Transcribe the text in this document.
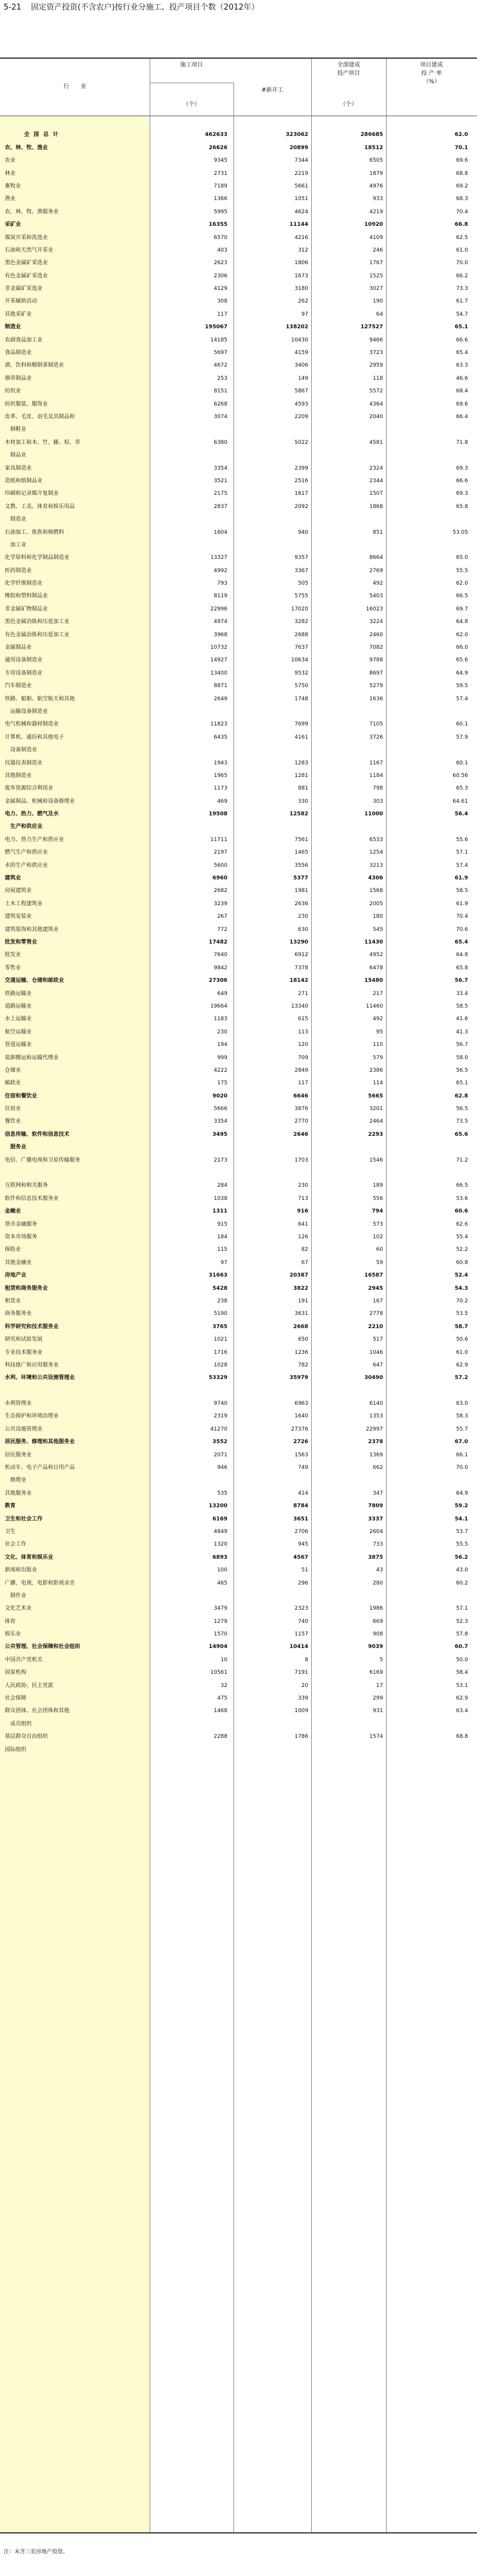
5-21 固定资产投资(不含农户)按行业分施工、投产项目个数（2012年）
行　　业
施工项目
（个）
#新开工
全部建成
投产项目
（个）
项目建成
投 产 率
（%）
全 国 总 计	462633	323062	286685	62.0
农、林、牧、渔业	26626	20899	18512	70.1
农业	9345	7344	6505	69.6
林业	2731	2219	1879	68.8
畜牧业	7189	5661	4976	69.2
渔业	1366	1051	933	68.3
农、林、牧、渔服务业	5995	4624	4219	70.4
采矿业	16355	11144	10920	66.8
煤炭开采和洗选业	6570	4216	4109	62.5
石油和天然气开采业	403	312	246	61.0
黑色金属矿采选业	2623	1806	1767	70.0
有色金属矿采选业	2306	1673	1525	66.2
非金属矿采选业	4129	3180	3027	73.3
开采辅助活动	308	262	190	61.7
其他采矿业	117	97	64	54.7
制造业	195067	138202	127527	65.1
农副食品加工业	14185	10430	9466	66.6
食品制造业	5697	4159	3723	65.4
酒、饮料和精制茶制造业	4672	3406	2959	63.3
烟草制品业	253	149	118	46.6
纺织业	8151	5867	5572	68.4
纺织服装、服饰业	6268	4593	4364	69.6
皮革、毛皮、羽毛及其制品和	3074	2209	2040	66.4
　制鞋业
木材加工和木、竹、藤、棕、草	6380	5022	4581	71.8
　制品业
家具制造业	3354	2399	2324	69.3
造纸和纸制品业	3521	2516	2344	66.6
印刷和记录媒介复制业	2175	1617	1507	69.3
文教、工美、体育和娱乐用品	2837	2092	1868	65.8
　制造业
石油加工、炼焦和核燃料	1604	940	851	53.05
　加工业
化学原料和化学制品制造业	13327	9357	8664	65.0
医药制造业	4992	3367	2769	55.5
化学纤维制造业	793	505	492	62.0
橡胶和塑料制品业	8119	5755	5403	66.5
非金属矿物制品业	22996	17020	16023	69.7
黑色金属冶炼和压延加工业	4974	3282	3224	64.8
有色金属冶炼和压延加工业	3968	2688	2460	62.0
金属制品业	10732	7637	7082	66.0
通用设备制造业	14927	10634	9788	65.6
专用设备制造业	13400	9532	8697	64.9
汽车制造业	8871	5750	5279	59.5
铁路、船舶、航空航天和其他	2649	1748	1636	57.4
　运输设备制造业
电气机械和器材制造业	11823	7699	7105	60.1
计算机、通信和其他电子	6435	4161	3726	57.9
　设备制造业
仪器仪表制造业	1943	1283	1167	60.1
其他制造业	1965	1281	1184	60.56
废弃资源综合利用业	1173	881	798	65.3
金属制品、机械和设备修理业	469	330	303	64.61
电力、热力、燃气及水	19508	12582	11000	56.4
　生产和供应业
电力、热力生产和供应业	11711	7561	6533	55.6
燃气生产和供应业	2197	1465	1254	57.1
水的生产和供应业	5600	3556	3213	57.4
建筑业	6960	5377	4306	61.9
房屋建筑业	2682	1981	1568	58.5
土木工程建筑业	3239	2636	2005	61.9
建筑安装业	267	230	180	70.4
建筑装饰和其他建筑业	772	630	545	70.6
批发和零售业	17482	13290	11430	65.4
批发业	7640	6912	4952	64.8
零售业	9842	7378	6478	65.8
交通运输、仓储和邮政业	27306	18142	15480	56.7
铁路运输业	649	271	217	33.4
道路运输业	19664	13340	11460	58.5
水上运输业	1183	615	492	41.6
航空运输业	230	113	95	41.3
管道运输业	194	120	110	56.7
装卸搬运和运输代理业	999	709	579	58.0
仓储业	4222	2849	2386	56.5
邮政业	175	117	114	65.1
住宿和餐饮业	9020	6646	5665	62.8
住宿业	5666	3876	3201	56.5
餐饮业	3354	2770	2464	73.5
信息传输、软件和信息技术	3495	2646	2293	65.6
　服务业
电信、广播电视和卫星传输服务	2173	1703	1546	71.2
互联网和相关服务	284	230	189	66.5
软件和信息技术服务业	1038	713	556	53.6
金融业	1311	916	794	60.6
货币金融服务	915	641	573	62.6
资本市场服务	184	126	102	55.4
保险业	115	82	60	52.2
其他金融业	97	67	59	60.8
房地产业	31663	20387	16587	52.4
租赁和商务服务业	5428	3822	2945	54.3
租赁业	238	191	167	70.2
商务服务业	5190	3631	2778	53.5
科学研究和技术服务业	3765	2668	2210	58.7
研究和试验发展	1021	650	517	50.6
专业技术服务业	1716	1236	1046	61.0
科技推广和应用服务业	1028	782	647	62.9
水利、环境和公共设施管理业	53329	35979	30490	57.2
水利管理业	9740	6963	6140	63.0
生态保护和环境治理业	2319	1640	1353	58.3
公共设施管理业	41270	27376	22997	55.7
居民服务、修理和其他服务业	3552	2726	2378	67.0
居民服务业	2071	1563	1369	66.1
机动车、电子产品和日用产品	946	749	662	70.0
　修理业
其他服务业	535	414	347	64.9
教育	13200	8784	7809	59.2
卫生和社会工作	6169	3651	3337	54.1
卫生	4849	2706	2604	53.7
社会工作	1320	945	733	55.5
文化、体育和娱乐业	6893	4567	3875	56.2
新闻和出版业	100	51	43	43.0
广播、电视、电影和影视录音	465	296	280	60.2
　制作业
文化艺术业	3479	2323	1986	57.1
体育	1279	740	669	52.3
娱乐业	1570	1157	908	57.8
公共管理、社会保障和社会组织	14904	10414	9039	60.7
中国共产党机关	10	8	5	50.0
国家机构	10561	7191	6169	58.4
人民政协、民主党派	32	20	17	53.1
社会保障	475	339	299	62.9
群众团体、社会团体和其他	1468	1009	931	63.4
　成员组织
基层群众自治组织	2288	1786	1574	68.8
国际组织
注：未含三农房地产投资。
